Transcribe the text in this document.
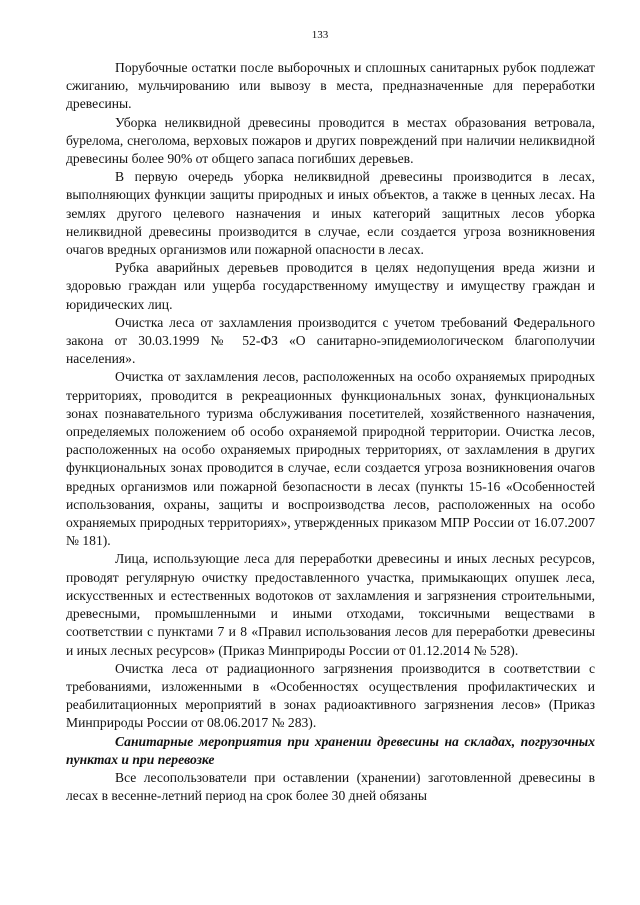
133

Порубочные остатки после выборочных и сплошных санитарных рубок подлежат сжиганию, мульчированию или вывозу в места, предназначенные для переработки древесины.

Уборка неликвидной древесины проводится в местах образования ветровала, бурелома, снеголома, верховых пожаров и других повреждений при наличии неликвидной древесины более 90% от общего запаса погибших деревьев.

В первую очередь уборка неликвидной древесины производится в лесах, выполняющих функции защиты природных и иных объектов, а также в ценных лесах. На землях другого целевого назначения и иных категорий защитных лесов уборка неликвидной древесины производится в случае, если создается угроза возникновения очагов вредных организмов или пожарной опасности в лесах.

Рубка аварийных деревьев проводится в целях недопущения вреда жизни и здоровью граждан или ущерба государственному имуществу и имуществу граждан и юридических лиц.

Очистка леса от захламления производится с учетом требований Федерального закона от 30.03.1999 № 52-ФЗ «О санитарно-эпидемиологическом благополучии населения».

Очистка от захламления лесов, расположенных на особо охраняемых природных территориях, проводится в рекреационных функциональных зонах, функциональных зонах познавательного туризма обслуживания посетителей, хозяйственного назначения, определяемых положением об особо охраняемой природной территории. Очистка лесов, расположенных на особо охраняемых природных территориях, от захламления в других функциональных зонах проводится в случае, если создается угроза возникновения очагов вредных организмов или пожарной безопасности в лесах (пункты 15-16 «Особенностей использования, охраны, защиты и воспроизводства лесов, расположенных на особо охраняемых природных территориях», утвержденных приказом МПР России от 16.07.2007 № 181).

Лица, использующие леса для переработки древесины и иных лесных ресурсов, проводят регулярную очистку предоставленного участка, примыкающих опушек леса, искусственных и естественных водотоков от захламления и загрязнения строительными, древесными, промышленными и иными отходами, токсичными веществами в соответствии с пунктами 7 и 8 «Правил использования лесов для переработки древесины и иных лесных ресурсов» (Приказ Минприроды России от 01.12.2014 № 528).

Очистка леса от радиационного загрязнения производится в соответствии с требованиями, изложенными в «Особенностях осуществления профилактических и реабилитационных мероприятий в зонах радиоактивного загрязнения лесов» (Приказ Минприроды России от 08.06.2017 № 283).

Санитарные мероприятия при хранении древесины на складах, погрузочных пунктах и при перевозке

Все лесопользователи при оставлении (хранении) заготовленной древесины в лесах в весенне-летний период на срок более 30 дней обязаны
